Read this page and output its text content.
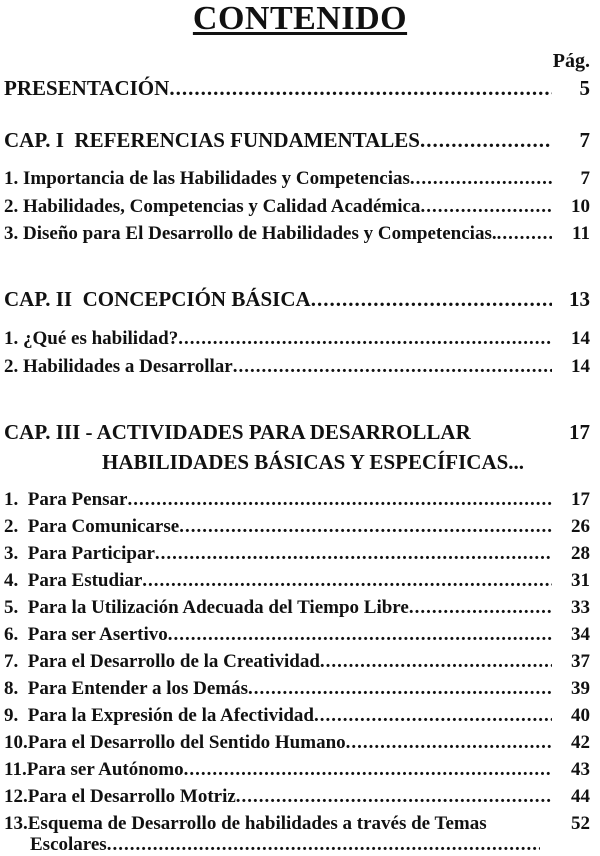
CONTENIDO
Pág.
PRESENTACIÓN .....	5
CAP. I  REFERENCIAS FUNDAMENTALES .....	7
1. Importancia de las Habilidades y Competencias .....	7
2. Habilidades, Competencias y Calidad Académica .....	10
3. Diseño para El Desarrollo de Habilidades y Competencias. .....	11
CAP. II  CONCEPCIÓN BÁSICA .....	13
1. ¿Qué es habilidad? .....	14
2. Habilidades a Desarrollar .....	14
CAP. III - ACTIVIDADES PARA DESARROLLAR	17
HABILIDADES BÁSICAS Y ESPECÍFICAS...
1.  Para Pensar .....	17
2.  Para Comunicarse .....	26
3.  Para Participar .....	28
4.  Para Estudiar .....	31
5.  Para la Utilización Adecuada del Tiempo Libre .....	33
6.  Para ser Asertivo .....	34
7.  Para el Desarrollo de la Creatividad .....	37
8.  Para Entender a los Demás .....	39
9.  Para la Expresión de la Afectividad .....	40
10.Para el Desarrollo del Sentido Humano .....	42
11.Para ser Autónomo .....	43
12.Para el Desarrollo Motriz .....	44
13.Esquema de Desarrollo de habilidades a través de Temas	52
Escolares
.....
